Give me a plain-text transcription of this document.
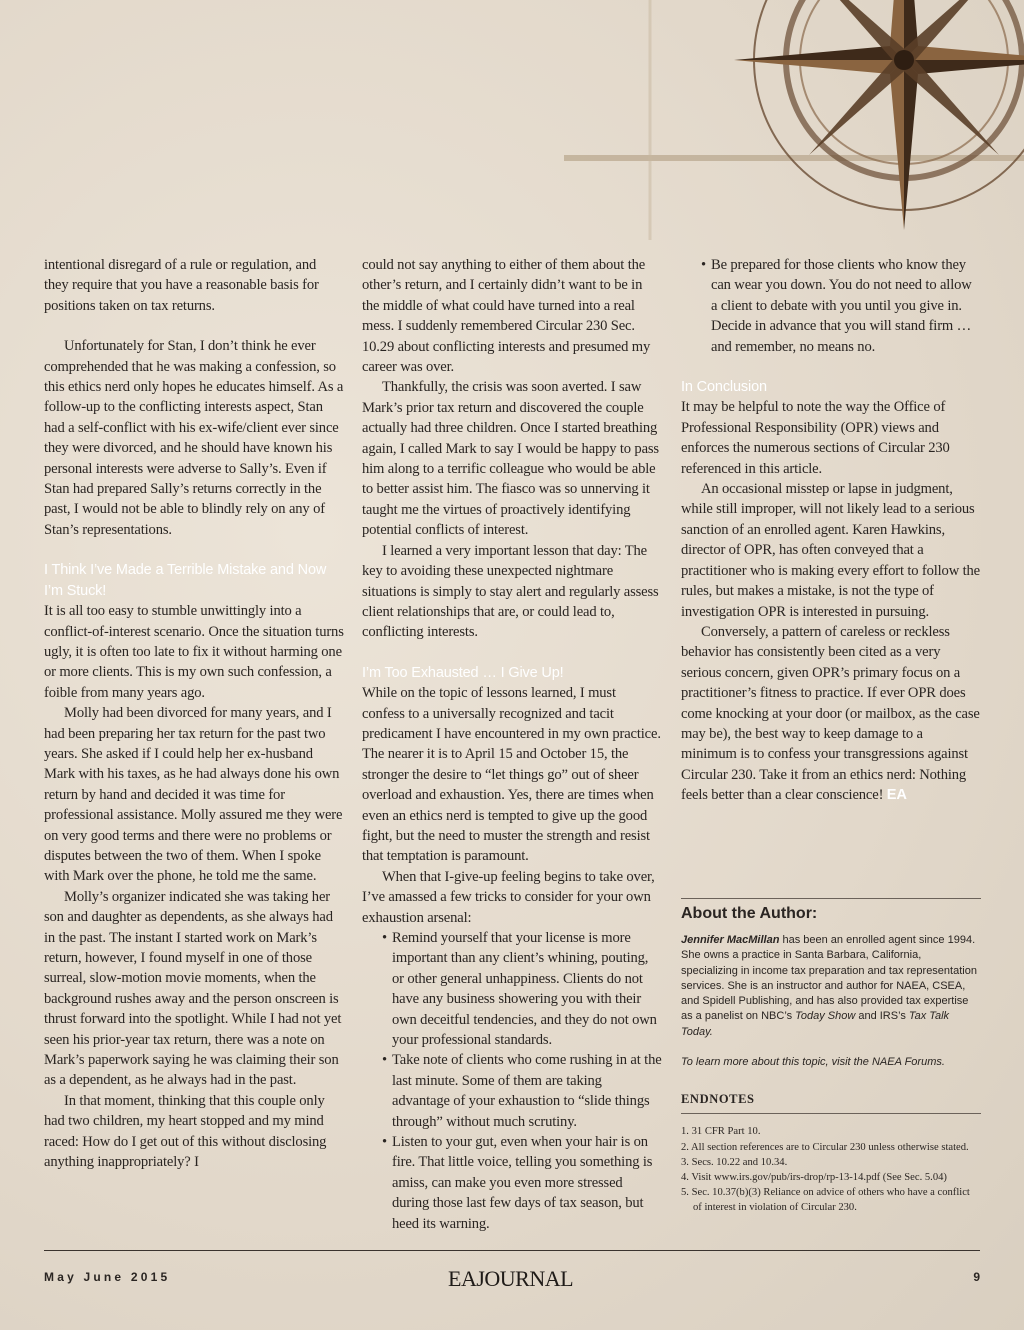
intentional disregard of a rule or regulation, and they require that you have a reasonable basis for positions taken on tax returns.

Unfortunately for Stan, I don’t think he ever comprehended that he was making a confession, so this ethics nerd only hopes he educates himself. As a follow-up to the conflicting interests aspect, Stan had a self-conflict with his ex-wife/client ever since they were divorced, and he should have known his personal interests were adverse to Sally’s. Even if Stan had prepared Sally’s returns correctly in the past, I would not be able to blindly rely on any of Stan’s representations.

I Think I’ve Made a Terrible Mistake and Now I’m Stuck!

It is all too easy to stumble unwittingly into a conflict-of-interest scenario. Once the situation turns ugly, it is often too late to fix it without harming one or more clients. This is my own such confession, a foible from many years ago.

Molly had been divorced for many years, and I had been preparing her tax return for the past two years. She asked if I could help her ex-husband Mark with his taxes, as he had always done his own return by hand and decided it was time for professional assistance. Molly assured me they were on very good terms and there were no problems or disputes between the two of them. When I spoke with Mark over the phone, he told me the same.

Molly’s organizer indicated she was taking her son and daughter as dependents, as she always had in the past. The instant I started work on Mark’s return, however, I found myself in one of those surreal, slow-motion movie moments, when the background rushes away and the person onscreen is thrust forward into the spotlight. While I had not yet seen his prior-year tax return, there was a note on Mark’s paperwork saying he was claiming their son as a dependent, as he always had in the past.

In that moment, thinking that this couple only had two children, my heart stopped and my mind raced: How do I get out of this without disclosing anything inappropriately? I

could not say anything to either of them about the other’s return, and I certainly didn’t want to be in the middle of what could have turned into a real mess. I suddenly remembered Circular 230 Sec. 10.29 about conflicting interests and presumed my career was over.

Thankfully, the crisis was soon averted. I saw Mark’s prior tax return and discovered the couple actually had three children. Once I started breathing again, I called Mark to say I would be happy to pass him along to a terrific colleague who would be able to better assist him. The fiasco was so unnerving it taught me the virtues of proactively identifying potential conflicts of interest.

I learned a very important lesson that day: The key to avoiding these unexpected nightmare situations is simply to stay alert and regularly assess client relationships that are, or could lead to, conflicting interests.

I’m Too Exhausted … I Give Up!

While on the topic of lessons learned, I must confess to a universally recognized and tacit predicament I have encountered in my own practice. The nearer it is to April 15 and October 15, the stronger the desire to “let things go” out of sheer overload and exhaustion. Yes, there are times when even an ethics nerd is tempted to give up the good fight, but the need to muster the strength and resist that temptation is paramount.

When that I-give-up feeling begins to take over, I’ve amassed a few tricks to consider for your own exhaustion arsenal:

• Remind yourself that your license is more important than any client’s whining, pouting, or other general unhappiness. Clients do not have any business showering you with their own deceitful tendencies, and they do not own your professional standards.
• Take note of clients who come rushing in at the last minute. Some of them are taking advantage of your exhaustion to “slide things through” without much scrutiny.
• Listen to your gut, even when your hair is on fire. That little voice, telling you something is amiss, can make you even more stressed during those last few days of tax season, but heed its warning.
• Be prepared for those clients who know they can wear you down. You do not need to allow a client to debate with you until you give in. Decide in advance that you will stand firm … and remember, no means no.
In Conclusion

It may be helpful to note the way the Office of Professional Responsibility (OPR) views and enforces the numerous sections of Circular 230 referenced in this article.

An occasional misstep or lapse in judgment, while still improper, will not likely lead to a serious sanction of an enrolled agent. Karen Hawkins, director of OPR, has often conveyed that a practitioner who is making every effort to follow the rules, but makes a mistake, is not the type of investigation OPR is interested in pursuing.

Conversely, a pattern of careless or reckless behavior has consistently been cited as a very serious concern, given OPR’s primary focus on a practitioner’s fitness to practice. If ever OPR does come knocking at your door (or mailbox, as the case may be), the best way to keep damage to a minimum is to confess your transgressions against Circular 230. Take it from an ethics nerd: Nothing feels better than a clear conscience! EA

About the Author:

Jennifer MacMillan has been an enrolled agent since 1994. She owns a practice in Santa Barbara, California, specializing in income tax preparation and tax representation services. She is an instructor and author for NAEA, CSEA, and Spidell Publishing, and has also provided tax expertise as a panelist on NBC’s Today Show and IRS’s Tax Talk Today.

To learn more about this topic, visit the NAEA Forums.

ENDNOTES
1. 31 CFR Part 10.
2. All section references are to Circular 230 unless otherwise stated.
3. Secs. 10.22 and 10.34.
4. Visit www.irs.gov/pub/irs-drop/rp-13-14.pdf (See Sec. 5.04)
5. Sec. 10.37(b)(3) Reliance on advice of others who have a conflict of interest in violation of Circular 230.
May June 2015	EAJOURNAL	9
